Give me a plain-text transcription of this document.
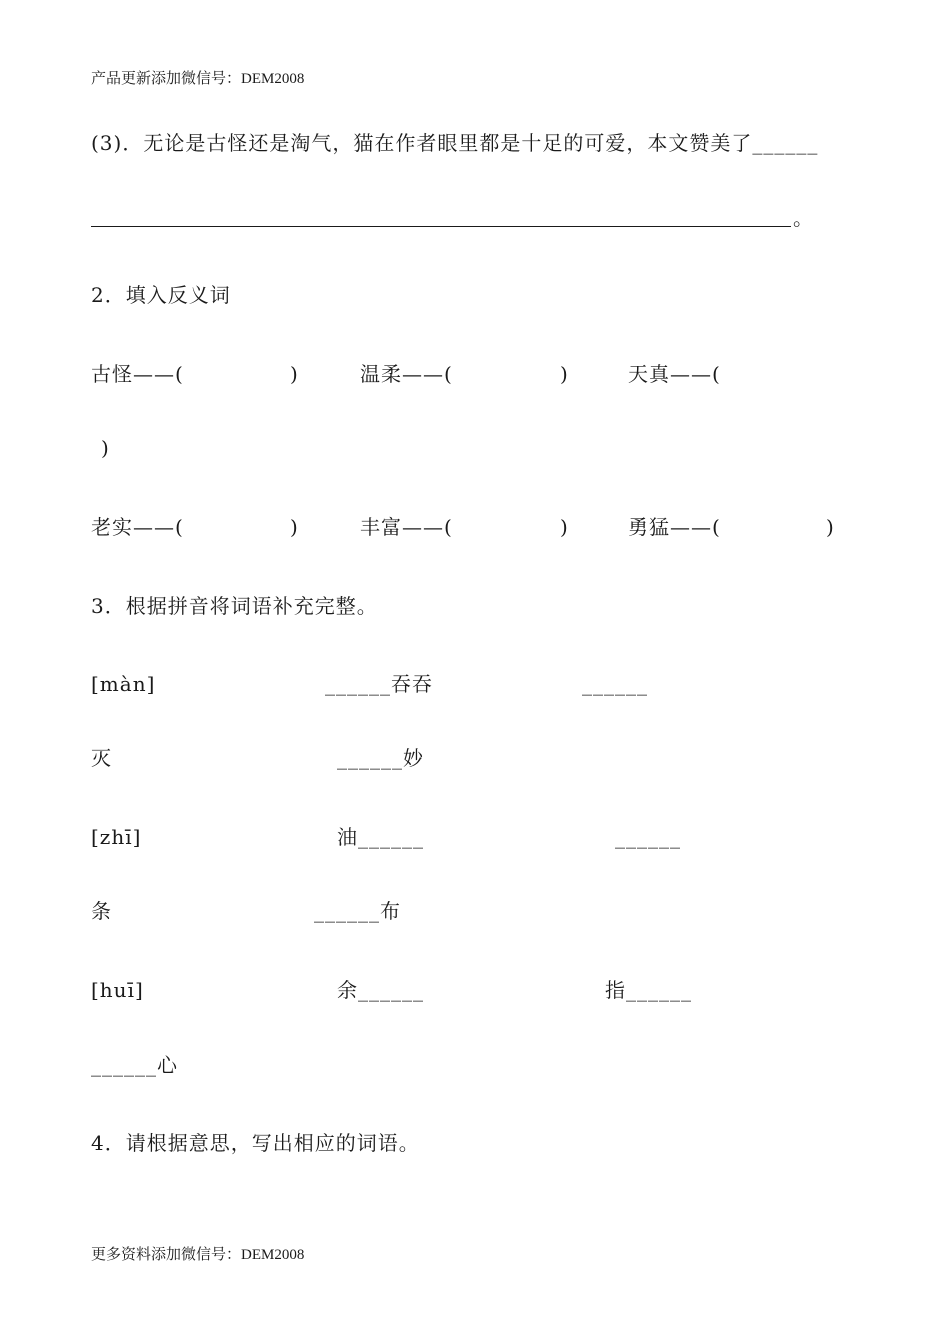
产品更新添加微信号：DEM2008
(3)．无论是古怪还是淘气，猫在作者眼里都是十足的可爱，本文赞美了______
。
2．填入反义词
古怪——(	)	温柔——(	)	天真——(
)
老实——(	)	丰富——(	)	勇猛——(	)
3．根据拼音将词语补充完整。
[màn]	______吞吞	______
灭	______妙
[zhī]	油______	______
条	______布
[huī]	余______	指______
______心
4．请根据意思，写出相应的词语。
更多资料添加微信号：DEM2008
